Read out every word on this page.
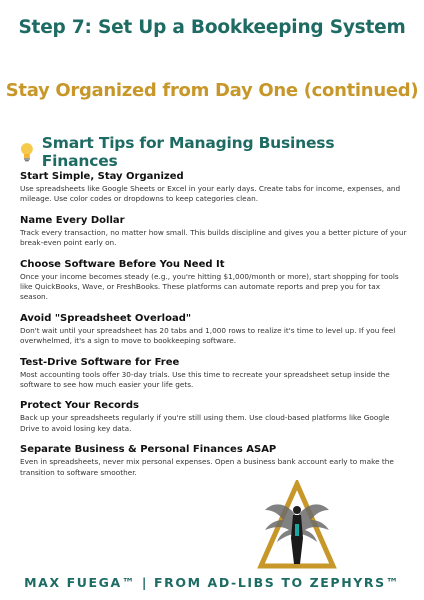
Step 7: Set Up a Bookkeeping System
Stay Organized from Day One (continued)
Smart Tips for Managing Business Finances
Start Simple, Stay Organized
Use spreadsheets like Google Sheets or Excel in your early days. Create tabs for income, expenses, and mileage. Use color codes or dropdowns to keep categories clean.
Name Every Dollar
Track every transaction, no matter how small. This builds discipline and gives you a better picture of your break-even point early on.
Choose Software Before You Need It
Once your income becomes steady (e.g., you're hitting $1,000/month or more), start shopping for tools like QuickBooks, Wave, or FreshBooks. These platforms can automate reports and prep you for tax season.
Avoid "Spreadsheet Overload"
Don't wait until your spreadsheet has 20 tabs and 1,000 rows to realize it's time to level up. If you feel overwhelmed, it's a sign to move to bookkeeping software.
Test-Drive Software for Free
Most accounting tools offer 30-day trials. Use this time to recreate your spreadsheet setup inside the software to see how much easier your life gets.
Protect Your Records
Back up your spreadsheets regularly if you're still using them. Use cloud-based platforms like Google Drive to avoid losing key data.
Separate Business & Personal Finances ASAP
Even in spreadsheets, never mix personal expenses. Open a business bank account early to make the transition to software smoother.
MAX FUEGA™ | FROM AD-LIBS TO ZEPHYRS™
